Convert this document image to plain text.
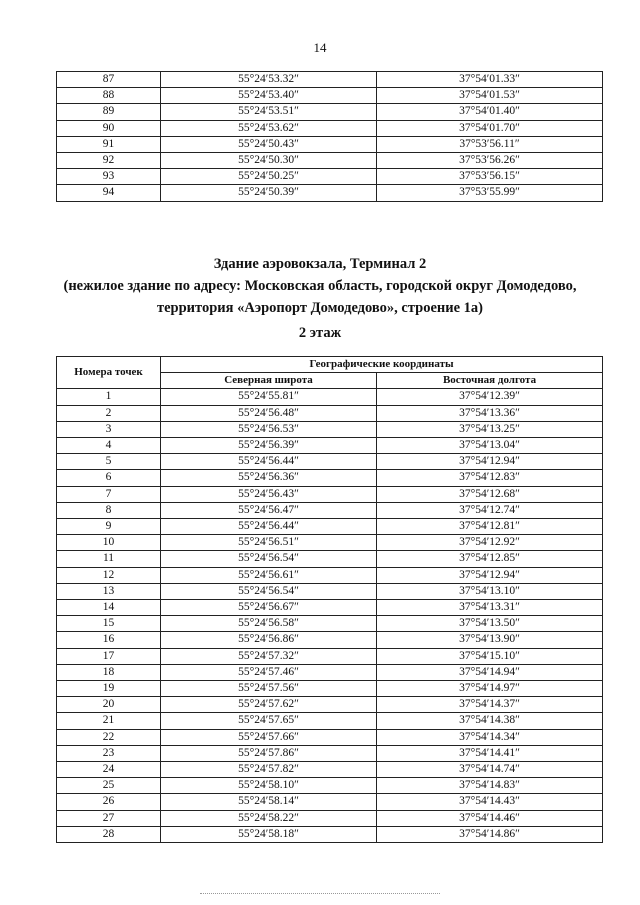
14
87	55°24′53.32″	37°54′01.33″
88	55°24′53.40″	37°54′01.53″
89	55°24′53.51″	37°54′01.40″
90	55°24′53.62″	37°54′01.70″
91	55°24′50.43″	37°53′56.11″
92	55°24′50.30″	37°53′56.26″
93	55°24′50.25″	37°53′56.15″
94	55°24′50.39″	37°53′55.99″
Здание аэровокзала, Терминал 2
(нежилое здание по адресу: Московская область, городской округ Домодедово,
территория «Аэропорт Домодедово», строение 1а)
2 этаж
Номера точек	Географические координаты	
	Северная широта	Восточная долгота
1	55°24′55.81″	37°54′12.39″
2	55°24′56.48″	37°54′13.36″
3	55°24′56.53″	37°54′13.25″
4	55°24′56.39″	37°54′13.04″
5	55°24′56.44″	37°54′12.94″
6	55°24′56.36″	37°54′12.83″
7	55°24′56.43″	37°54′12.68″
8	55°24′56.47″	37°54′12.74″
9	55°24′56.44″	37°54′12.81″
10	55°24′56.51″	37°54′12.92″
11	55°24′56.54″	37°54′12.85″
12	55°24′56.61″	37°54′12.94″
13	55°24′56.54″	37°54′13.10″
14	55°24′56.67″	37°54′13.31″
15	55°24′56.58″	37°54′13.50″
16	55°24′56.86″	37°54′13.90″
17	55°24′57.32″	37°54′15.10″
18	55°24′57.46″	37°54′14.94″
19	55°24′57.56″	37°54′14.97″
20	55°24′57.62″	37°54′14.37″
21	55°24′57.65″	37°54′14.38″
22	55°24′57.66″	37°54′14.34″
23	55°24′57.86″	37°54′14.41″
24	55°24′57.82″	37°54′14.74″
25	55°24′58.10″	37°54′14.83″
26	55°24′58.14″	37°54′14.43″
27	55°24′58.22″	37°54′14.46″
28	55°24′58.18″	37°54′14.86″
